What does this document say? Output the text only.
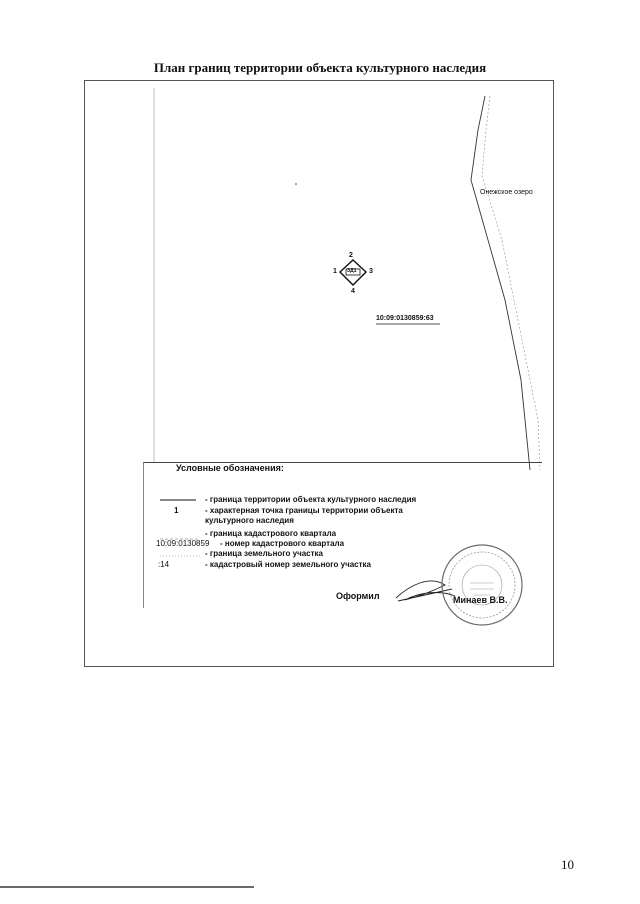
План границ территории объекта культурного наследия
Онежское озеро
2
1	3
4
ЗД1
10:09:0130859:63
Условные обозначения:
- граница территории объекта культурного наследия
1	- характерная точка границы территории объекта культурного наследия
- граница кадастрового квартала
10:09:0130859 - номер кадастрового квартала
- граница земельного участка
:14	- кадастровый номер земельного участка
Оформил	Минаев В.В.
10
